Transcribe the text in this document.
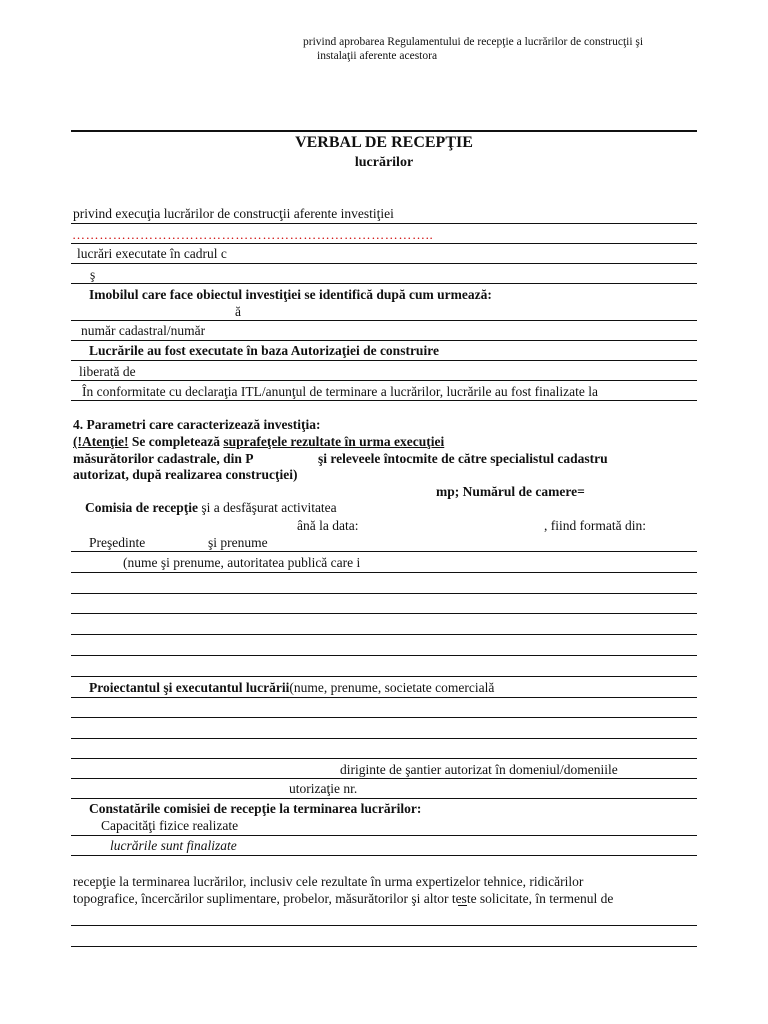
privind aprobarea Regulamentului de recepţie a lucrărilor de construcţii şi
instalaţii aferente acestora
VERBAL DE RECEPŢIE
lucrărilor
privind execuţia lucrărilor de construcţii aferente investiţiei
……………………………………………………………………..
lucrări executate în cadrul c
ş
Imobilul care face obiectul investiţiei se identifică după cum urmează:
ă
număr cadastral/număr
Lucrările au fost executate în baza Autorizaţiei de construire
liberată de
În conformitate cu declaraţia ITL/anunţul de terminare a lucrărilor, lucrările au fost finalizate la
4. Parametri care caracterizează investiţia:
(!Atenţie! Se completează suprafeţele rezultate în urma execuţiei
măsurătorilor cadastrale, din P	şi releveele întocmite de către specialistul cadastru
autorizat, după realizarea construcţiei)
mp; Numărul de camere=
Comisia de recepţie şi a desfăşurat activitatea
ână la data:	, fiind formată din:
Preşedinte	şi prenume
(nume şi prenume, autoritatea publică care i
Proiectantul şi executantul lucrării(nume, prenume, societate comercială
diriginte de şantier autorizat în domeniul/domeniile
utorizaţie nr.
Constatările comisiei de recepţie la terminarea lucrărilor:
Capacităţi fizice realizate
lucrările sunt finalizate
recepţie la terminarea lucrărilor, inclusiv cele rezultate în urma expertizelor tehnice, ridicărilor
topografice, încercărilor suplimentare, probelor, măsurătorilor şi altor teste solicitate, în termenul de
